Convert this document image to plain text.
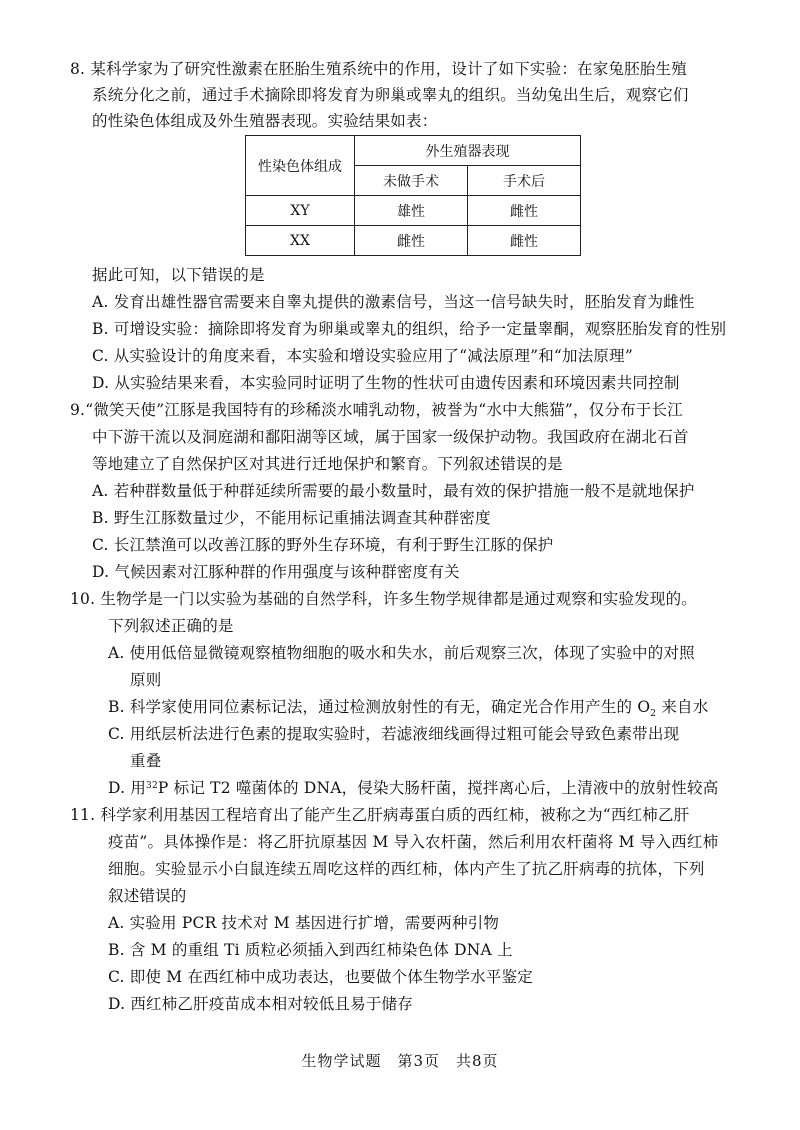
8. 某科学家为了研究性激素在胚胎生殖系统中的作用，设计了如下实验：在家兔胚胎生殖
系统分化之前，通过手术摘除即将发育为卵巢或睾丸的组织。当幼兔出生后，观察它们
的性染色体组成及外生殖器表现。实验结果如表：
性染色体组成	外生殖器表现	
	未做手术	手术后
XY	雄性	雌性
XX	雌性	雌性
据此可知，以下错误的是
A. 发育出雄性器官需要来自睾丸提供的激素信号，当这一信号缺失时，胚胎发育为雌性
B. 可增设实验：摘除即将发育为卵巢或睾丸的组织，给予一定量睾酮，观察胚胎发育的性别
C. 从实验设计的角度来看，本实验和增设实验应用了“减法原理”和“加法原理”
D. 从实验结果来看，本实验同时证明了生物的性状可由遗传因素和环境因素共同控制
9.“微笑天使”江豚是我国特有的珍稀淡水哺乳动物，被誉为“水中大熊猫”，仅分布于长江
中下游干流以及洞庭湖和鄱阳湖等区域，属于国家一级保护动物。我国政府在湖北石首
等地建立了自然保护区对其进行迁地保护和繁育。下列叙述错误的是
A. 若种群数量低于种群延续所需要的最小数量时，最有效的保护措施一般不是就地保护
B. 野生江豚数量过少，不能用标记重捕法调查其种群密度
C. 长江禁渔可以改善江豚的野外生存环境，有利于野生江豚的保护
D. 气候因素对江豚种群的作用强度与该种群密度有关
10. 生物学是一门以实验为基础的自然学科，许多生物学规律都是通过观察和实验发现的。
下列叙述正确的是
A. 使用低倍显微镜观察植物细胞的吸水和失水，前后观察三次，体现了实验中的对照
原则
B. 科学家使用同位素标记法，通过检测放射性的有无，确定光合作用产生的 $O_2$ 来自水
C. 用纸层析法进行色素的提取实验时，若滤液细线画得过粗可能会导致色素带出现
重叠
D. 用$^{32}$P 标记 T2 噬菌体的 DNA，侵染大肠杆菌，搅拌离心后，上清液中的放射性较高
11. 科学家利用基因工程培育出了能产生乙肝病毒蛋白质的西红柿，被称之为“西红柿乙肝
疫苗”。具体操作是：将乙肝抗原基因 M 导入农杆菌，然后利用农杆菌将 M 导入西红柿
细胞。实验显示小白鼠连续五周吃这样的西红柿，体内产生了抗乙肝病毒的抗体，下列
叙述错误的
A. 实验用 PCR 技术对 M 基因进行扩增，需要两种引物
B. 含 M 的重组 Ti 质粒必须插入到西红柿染色体 DNA 上
C. 即使 M 在西红柿中成功表达，也要做个体生物学水平鉴定
D. 西红柿乙肝疫苗成本相对较低且易于储存
生物学试题　第3页　共8页
